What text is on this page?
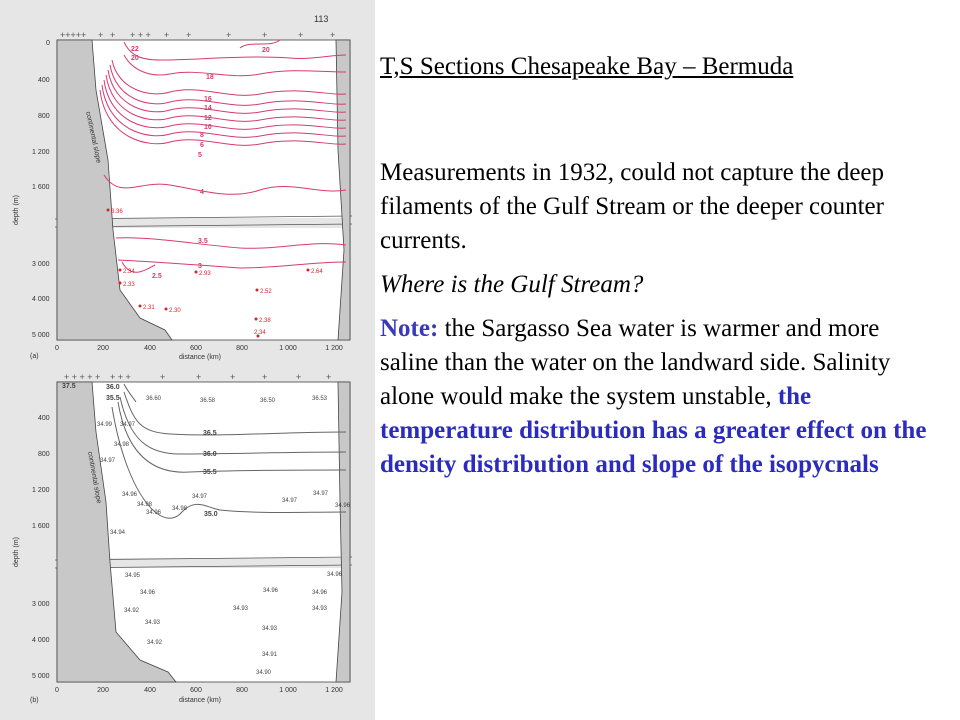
113
continental slope
+++++ + + + + + + +	+	+	+	+
22
20
20
18
16
14
12
10
8
6
5
4
3.5
3
2.5
3.36
2.34
2.33
2.31 2.30
2.93
2.52
2.38
2.64
2.34
0
400
800
1 200
1 600
3 000
4 000
5 000
depth (m)
0	200	400	600	800	1 000	1 200
distance (km)
(a)
continental slope
+ + + + + + + +	+	+	+	+	+	+
37.5	36.0
35.5
36.5
36.0
35.5
35.0
36.60	36.58	36.50	36.53
34.99 34.97
34.98
34.97
34.96
34.98
34.97
34.96
34.98
34.97
34.97
34.96
34.94
34.95
34.96	34.96	34.96
34.92	34.93	34.93
34.93
34.92
34.93
34.91
34.90
34.96
400
800
1 200
1 600
3 000
4 000
5 000
depth (m)
0	200	400	600	800	1 000	1 200
distance (km)
(b)

T,S Sections Chesapeake Bay – Bermuda

Measurements in 1932, could not capture the deep filaments of the Gulf Stream or the deeper counter currents.

Where is the Gulf Stream?

Note: the Sargasso Sea water is warmer and more saline than the water on the landward side. Salinity alone would make the system unstable, the temperature distribution has a greater effect on the density distribution and slope of the isopycnals
